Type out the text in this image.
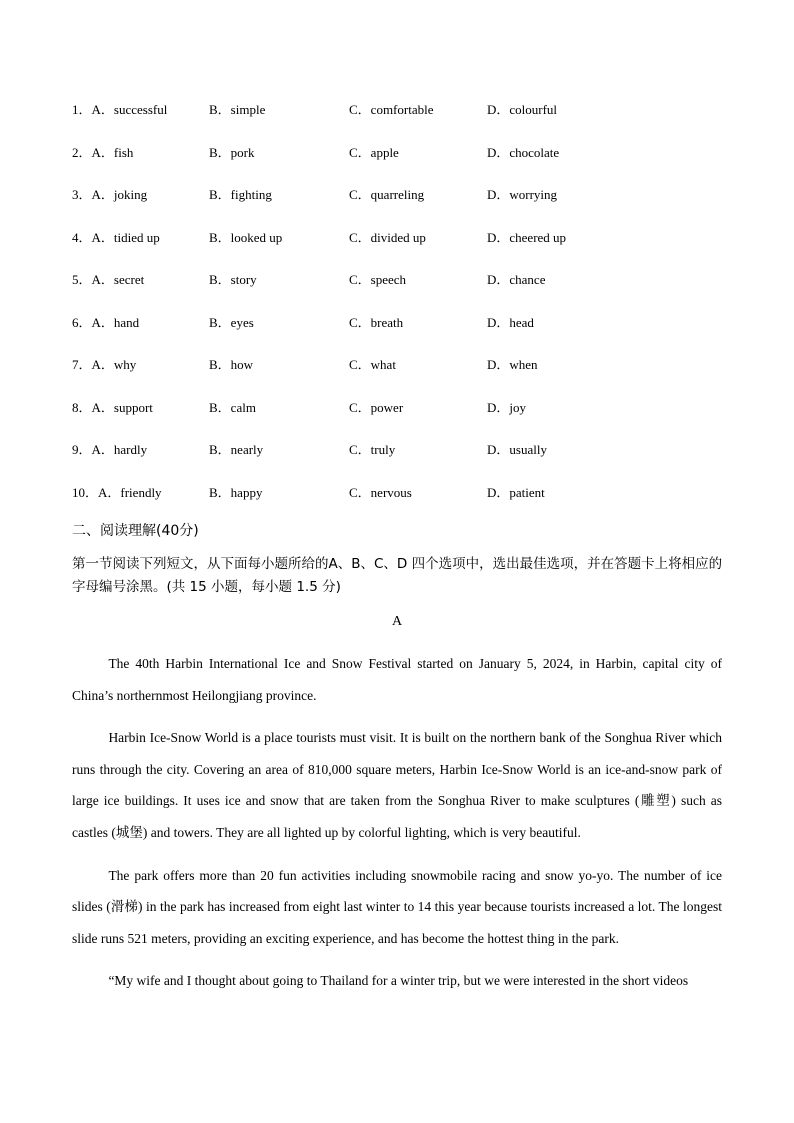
1．A．successful	B．simple	C．comfortable	D．colourful
2．A．fish	B．pork	C．apple	D．chocolate
3．A．joking	B．fighting	C．quarreling	D．worrying
4．A．tidied up	B．looked up	C．divided up	D．cheered up
5．A．secret	B．story	C．speech	D．chance
6．A．hand	B．eyes	C．breath	D．head
7．A．why	B．how	C．what	D．when
8．A．support	B．calm	C．power	D．joy
9．A．hardly	B．nearly	C．truly	D．usually
10．A．friendly	B．happy	C．nervous	D．patient
二、阅读理解(40分)
第一节阅读下列短文，从下面每小题所给的A、B、C、D 四个选项中，选出最佳选项，并在答题卡上将相应的字母编号涂黑。(共 15 小题，每小题 1.5 分)
A

The 40th Harbin International Ice and Snow Festival started on January 5, 2024, in Harbin, capital city of China’s northernmost Heilongjiang province.

Harbin Ice-Snow World is a place tourists must visit. It is built on the northern bank of the Songhua River which runs through the city. Covering an area of 810,000 square meters, Harbin Ice-Snow World is an ice-and-snow park of large ice buildings. It uses ice and snow that are taken from the Songhua River to make sculptures (雕塑) such as castles (城堡) and towers. They are all lighted up by colorful lighting, which is very beautiful.

The park offers more than 20 fun activities including snowmobile racing and snow yo-yo. The number of ice slides (滑梯) in the park has increased from eight last winter to 14 this year because tourists increased a lot. The longest slide runs 521 meters, providing an exciting experience, and has become the hottest thing in the park.

“My wife and I thought about going to Thailand for a winter trip, but we were interested in the short videos
